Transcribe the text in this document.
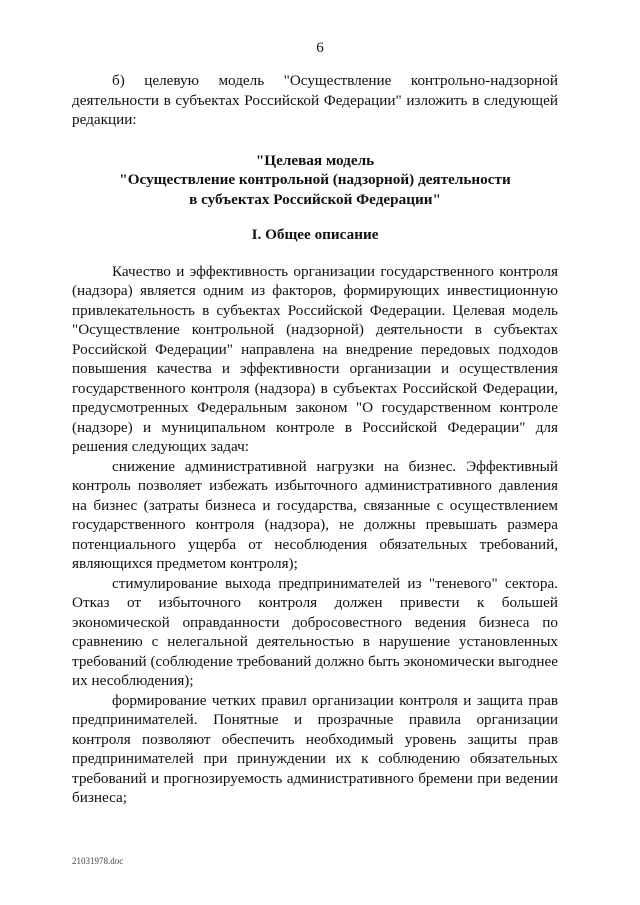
6

б) целевую модель "Осуществление контрольно-надзорной деятельности в субъектах Российской Федерации" изложить в следующей редакции:

"Целевая модель

"Осуществление контрольной (надзорной) деятельности

в субъектах Российской Федерации"

I. Общее описание

Качество и эффективность организации государственного контроля (надзора) является одним из факторов, формирующих инвестиционную привлекательность в субъектах Российской Федерации. Целевая модель "Осуществление контрольной (надзорной) деятельности в субъектах Российской Федерации" направлена на внедрение передовых подходов повышения качества и эффективности организации и осуществления государственного контроля (надзора) в субъектах Российской Федерации, предусмотренных Федеральным законом "О государственном контроле (надзоре) и муниципальном контроле в Российской Федерации" для решения следующих задач:

снижение административной нагрузки на бизнес. Эффективный контроль позволяет избежать избыточного административного давления на бизнес (затраты бизнеса и государства, связанные с осуществлением государственного контроля (надзора), не должны превышать размера потенциального ущерба от несоблюдения обязательных требований, являющихся предметом контроля);

стимулирование выхода предпринимателей из "теневого" сектора. Отказ от избыточного контроля должен привести к большей экономической оправданности добросовестного ведения бизнеса по сравнению с нелегальной деятельностью в нарушение установленных требований (соблюдение требований должно быть экономически выгоднее их несоблюдения);

формирование четких правил организации контроля и защита прав предпринимателей. Понятные и прозрачные правила организации контроля позволяют обеспечить необходимый уровень защиты прав предпринимателей при принуждении их к соблюдению обязательных требований и прогнозируемость административного бремени при ведении бизнеса;

21031978.doc
